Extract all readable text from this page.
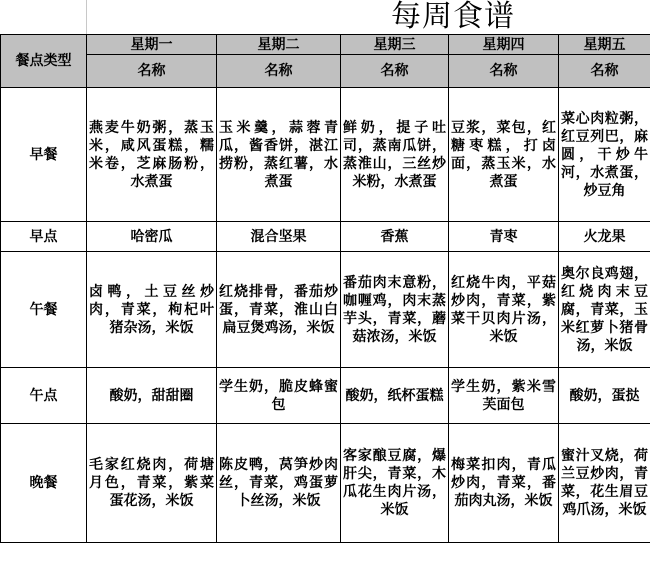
每周食谱
餐点类型	星期一	星期二	星期三	星期四	星期五
	名称	名称	名称	名称	名称
早餐	燕麦牛奶粥，蒸玉米，咸风蛋糕，糯米卷，芝麻肠粉，水煮蛋	玉米羹，蒜蓉青瓜，酱香饼，湛江捞粉，蒸红薯，水煮蛋	鲜奶，提子吐司，蒸南瓜饼，蒸淮山，三丝炒米粉，水煮蛋	豆浆，菜包，红糖枣糕，打卤面，蒸玉米，水煮蛋	菜心肉粒粥，红豆列巴，麻圆，干炒牛河，水煮蛋，炒豆角
早点	哈密瓜	混合坚果	香蕉	青枣	火龙果
午餐	卤鸭，土豆丝炒肉，青菜，枸杞叶猪杂汤，米饭	红烧排骨，番茄炒蛋，青菜，淮山白扁豆煲鸡汤，米饭	番茄肉末意粉，咖喱鸡，肉末蒸芋头，青菜，蘑菇浓汤，米饭	红烧牛肉，平菇炒肉，青菜，紫菜干贝肉片汤，米饭	奥尔良鸡翅，红烧肉末豆腐，青菜，玉米红萝卜猪骨汤，米饭
午点	酸奶，甜甜圈	学生奶，脆皮蜂蜜包	酸奶，纸杯蛋糕	学生奶，紫米雪芙面包	酸奶，蛋挞
晚餐	毛家红烧肉，荷塘月色，青菜，紫菜蛋花汤，米饭	陈皮鸭，莴笋炒肉丝，青菜，鸡蛋萝卜丝汤，米饭	客家酿豆腐，爆肝尖，青菜，木瓜花生肉片汤，米饭	梅菜扣肉，青瓜炒肉，青菜，番茄肉丸汤，米饭	蜜汁叉烧，荷兰豆炒肉，青菜，花生眉豆鸡爪汤，米饭
